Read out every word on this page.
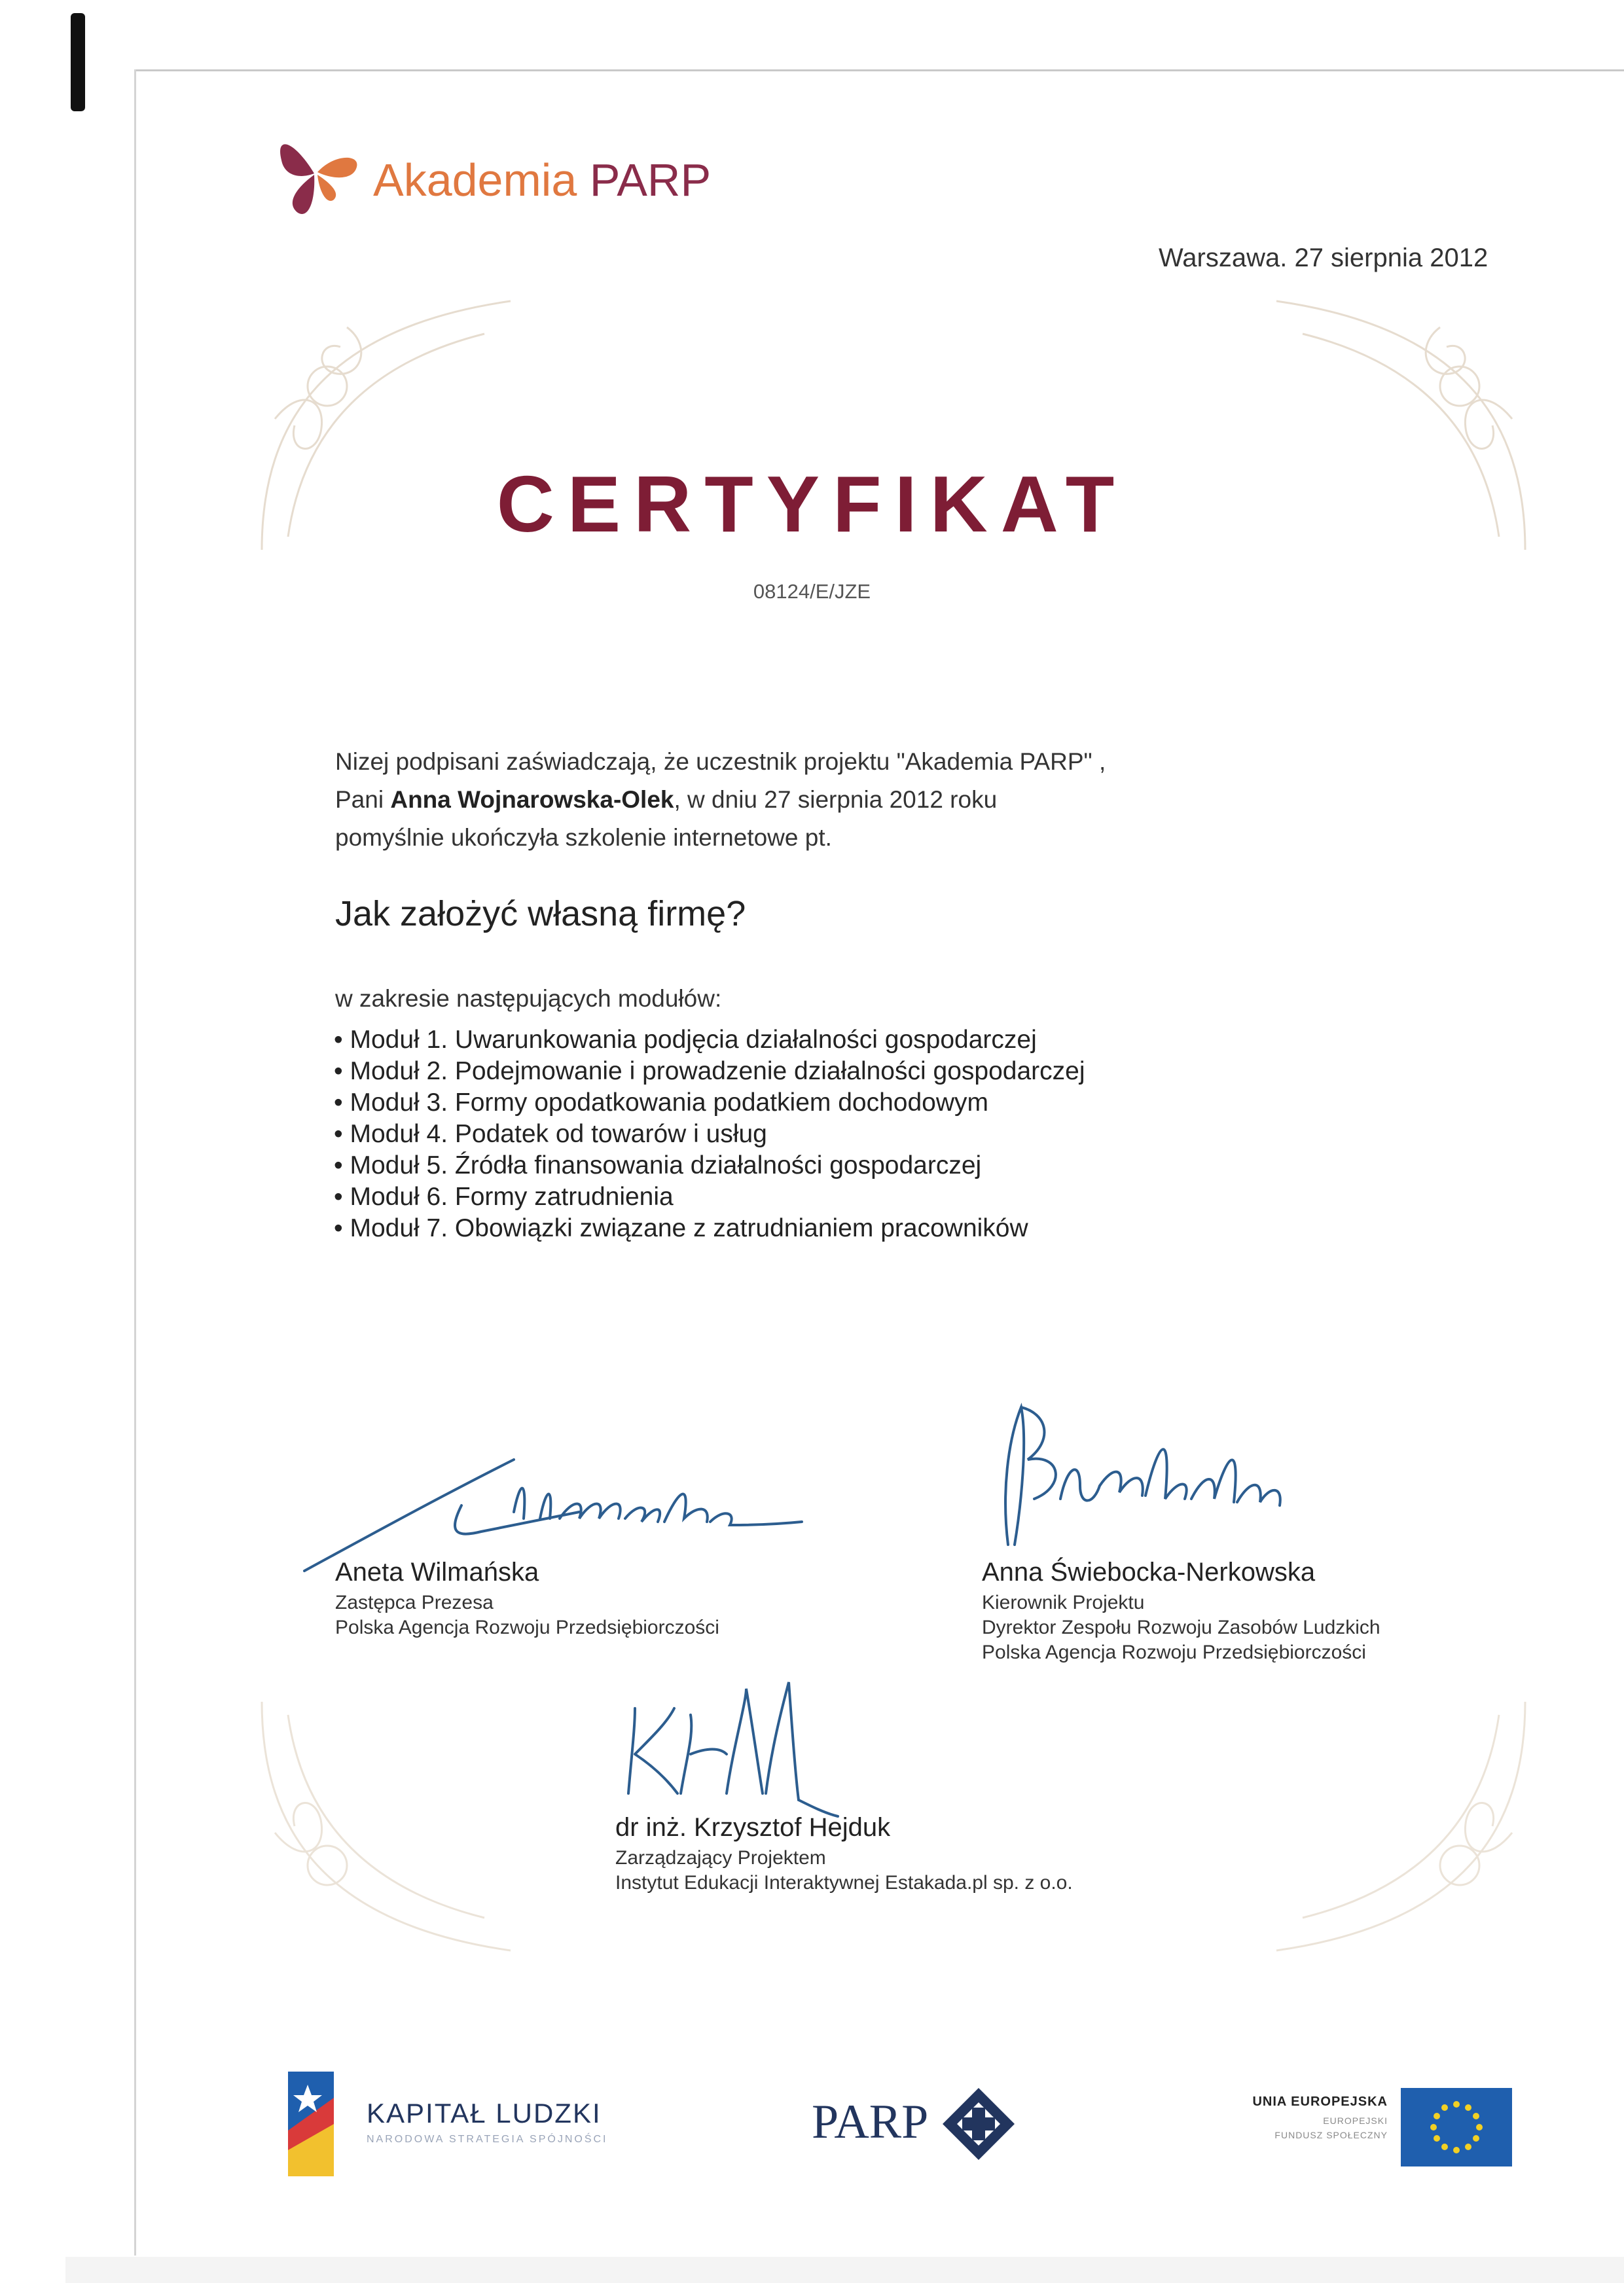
Akademia PARP
Warszawa. 27 sierpnia 2012
CERTYFIKAT
08124/E/JZE
Nizej podpisani zaświadczają, że uczestnik projektu "Akademia PARP" ,
Pani Anna Wojnarowska-Olek, w dniu 27 sierpnia 2012 roku
pomyślnie ukończyła szkolenie internetowe pt.
Jak założyć własną firmę?
w zakresie następujących modułów:
• Moduł 1. Uwarunkowania podjęcia działalności gospodarczej
• Moduł 2. Podejmowanie i prowadzenie działalności gospodarczej
• Moduł 3. Formy opodatkowania podatkiem dochodowym
• Moduł 4. Podatek od towarów i usług
• Moduł 5. Źródła finansowania działalności gospodarczej
• Moduł 6. Formy zatrudnienia
• Moduł 7. Obowiązki związane z zatrudnianiem pracowników
Aneta Wilmańska
Zastępca Prezesa
Polska Agencja Rozwoju Przedsiębiorczości
Anna Świebocka-Nerkowska
Kierownik Projektu
Dyrektor Zespołu Rozwoju Zasobów Ludzkich
Polska Agencja Rozwoju Przedsiębiorczości
dr inż. Krzysztof Hejduk
Zarządzający Projektem
Instytut Edukacji Interaktywnej Estakada.pl sp. z o.o.
KAPITAŁ LUDZKI
NARODOWA STRATEGIA SPÓJNOŚCI	PARP	UNIA EUROPEJSKA
EUROPEJSKI
FUNDUSZ SPOŁECZNY
